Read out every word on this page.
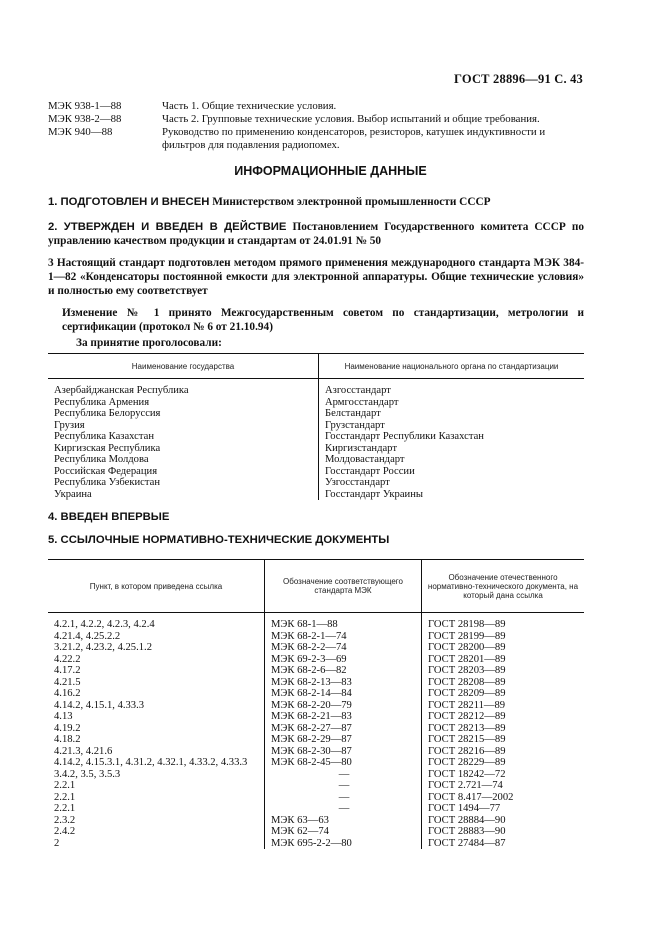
ГОСТ 28896—91 С. 43
МЭК 938-1—88	Часть 1. Общие технические условия.
МЭК 938-2—88	Часть 2. Групповые технические условия. Выбор испытаний и общие требования.
МЭК 940—88	Руководство по применению конденсаторов, резисторов, катушек индуктивности и фильтров для подавления радиопомех.
ИНФОРМАЦИОННЫЕ ДАННЫЕ
1. ПОДГОТОВЛЕН И ВНЕСЕН Министерством электронной промышленности СССР
2. УТВЕРЖДЕН И ВВЕДЕН В ДЕЙСТВИЕ Постановлением Государственного комитета СССР по управлению качеством продукции и стандартам от 24.01.91 № 50
3 Настоящий стандарт подготовлен методом прямого применения международного стандарта МЭК 384-1—82 «Конденсаторы постоянной емкости для электронной аппаратуры. Общие технические условия» и полностью ему соответствует
Изменение № 1 принято Межгосударственным советом по стандартизации, метрологии и сертификации (протокол № 6 от 21.10.94)
За принятие проголосовали:
Наименование государства	Наименование национального органа по стандартизации
Азербайджанская Республика	Азгосстандарт
Республика Армения	Армгосстандарт
Республика Белоруссия	Белстандарт
Грузия	Грузстандарт
Республика Казахстан	Госстандарт Республики Казахстан
Киргизская Республика	Киргизстандарт
Республика Молдова	Молдовастандарт
Российская Федерация	Госстандарт России
Республика Узбекистан	Узгосстандарт
Украина	Госстандарт Украины
4. ВВЕДЕН ВПЕРВЫЕ
5. ССЫЛОЧНЫЕ НОРМАТИВНО-ТЕХНИЧЕСКИЕ ДОКУМЕНТЫ
Пункт, в котором приведена ссылка	Обозначение соответствующего стандарта МЭК	Обозначение отечественного нормативно-технического документа, на который дана ссылка
4.2.1, 4.2.2, 4.2.3, 4.2.4	МЭК 68-1—88	ГОСТ 28198—89
4.21.4, 4.25.2.2	МЭК 68-2-1—74	ГОСТ 28199—89
3.21.2, 4.23.2, 4.25.1.2	МЭК 68-2-2—74	ГОСТ 28200—89
4.22.2	МЭК 69-2-3—69	ГОСТ 28201—89
4.17.2	МЭК 68-2-6—82	ГОСТ 28203—89
4.21.5	МЭК 68-2-13—83	ГОСТ 28208—89
4.16.2	МЭК 68-2-14—84	ГОСТ 28209—89
4.14.2, 4.15.1, 4.33.3	МЭК 68-2-20—79	ГОСТ 28211—89
4.13	МЭК 68-2-21—83	ГОСТ 28212—89
4.19.2	МЭК 68-2-27—87	ГОСТ 28213—89
4.18.2	МЭК 68-2-29—87	ГОСТ 28215—89
4.21.3, 4.21.6	МЭК 68-2-30—87	ГОСТ 28216—89
4.14.2, 4.15.3.1, 4.31.2, 4.32.1, 4.33.2, 4.33.3	МЭК 68-2-45—80	ГОСТ 28229—89
3.4.2, 3.5, 3.5.3	—	ГОСТ 18242—72
2.2.1	—	ГОСТ 2.721—74
2.2.1	—	ГОСТ 8.417—2002
2.2.1	—	ГОСТ 1494—77
2.3.2	МЭК 63—63	ГОСТ 28884—90
2.4.2	МЭК 62—74	ГОСТ 28883—90
2	МЭК 695-2-2—80	ГОСТ 27484—87
